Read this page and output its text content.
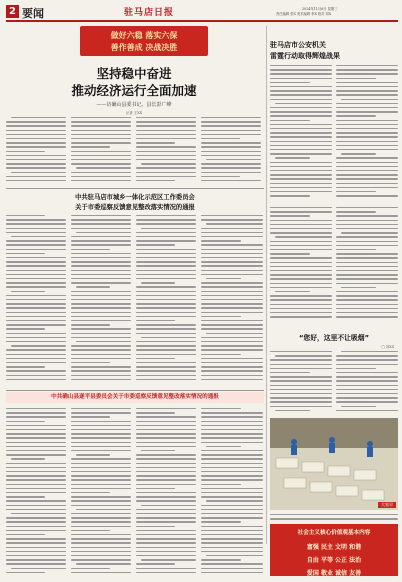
2 要闻	驻马店日报	2024年11月6日 星期三
责任编辑 张X 美术编辑 李X 校对 刘X
做好六稳 落实六保
善作善成 决战决胜
坚持稳中奋进
推动经济运行全面加速
——访确山县委书记、县长彭广峰
记者 王XX
驻马店市公安机关
雷霆行动取得辉煌战果
中共驻马店市城乡一体化示范区工作委员会
关于市委巡察反馈意见整改落实情况的通报
“您好，这里不让吸烟”
□ 刘XX
中共确山县遂平县委员会关于市委巡察反馈意见整改落实情况的通报
大家早
社会主义核心价值观基本内容
富强 民主 文明 和谐
自由 平等 公正 法治
爱国 敬业 诚信 友善
